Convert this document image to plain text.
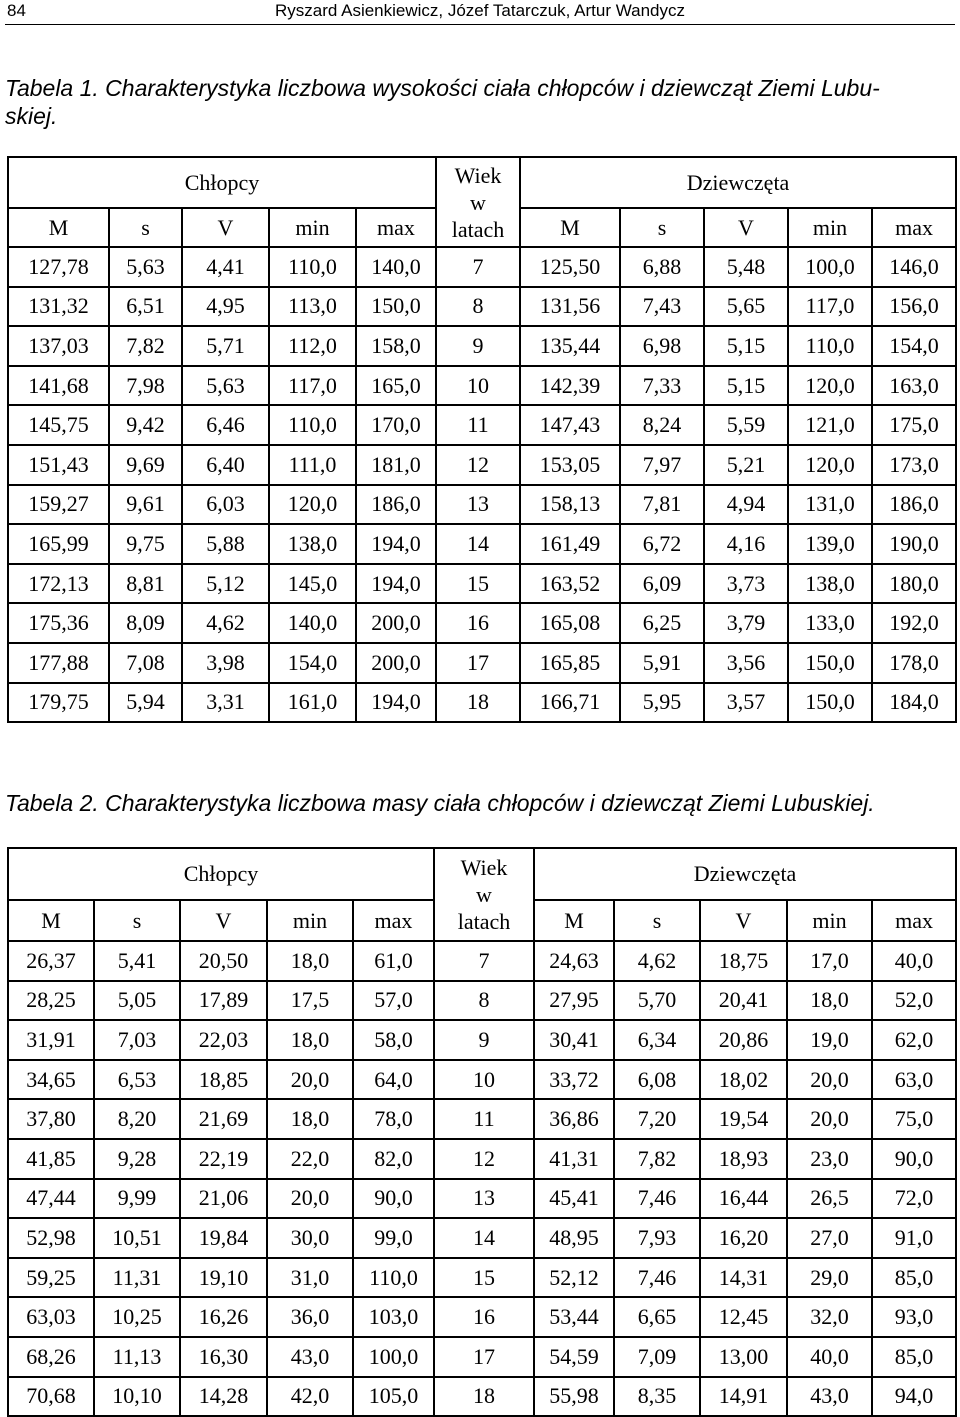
84	Ryszard Asienkiewicz, Józef Tatarczuk, Artur Wandycz
Tabela 1. Charakterystyka liczbowa wysokości ciała chłopców i dziewcząt Ziemi Lubu-
skiej.
Chłopcy					Wiek
w
latach	Dziewczęta				
M	s	V	min	max		M	s	V	min	max
127,78	5,63	4,41	110,0	140,0	7	125,50	6,88	5,48	100,0	146,0
131,32	6,51	4,95	113,0	150,0	8	131,56	7,43	5,65	117,0	156,0
137,03	7,82	5,71	112,0	158,0	9	135,44	6,98	5,15	110,0	154,0
141,68	7,98	5,63	117,0	165,0	10	142,39	7,33	5,15	120,0	163,0
145,75	9,42	6,46	110,0	170,0	11	147,43	8,24	5,59	121,0	175,0
151,43	9,69	6,40	111,0	181,0	12	153,05	7,97	5,21	120,0	173,0
159,27	9,61	6,03	120,0	186,0	13	158,13	7,81	4,94	131,0	186,0
165,99	9,75	5,88	138,0	194,0	14	161,49	6,72	4,16	139,0	190,0
172,13	8,81	5,12	145,0	194,0	15	163,52	6,09	3,73	138,0	180,0
175,36	8,09	4,62	140,0	200,0	16	165,08	6,25	3,79	133,0	192,0
177,88	7,08	3,98	154,0	200,0	17	165,85	5,91	3,56	150,0	178,0
179,75	5,94	3,31	161,0	194,0	18	166,71	5,95	3,57	150,0	184,0
Tabela 2. Charakterystyka liczbowa masy ciała chłopców i dziewcząt Ziemi Lubuskiej.
Chłopcy					Wiek
w
latach	Dziewczęta				
M	s	V	min	max		M	s	V	min	max
26,37	5,41	20,50	18,0	61,0	7	24,63	4,62	18,75	17,0	40,0
28,25	5,05	17,89	17,5	57,0	8	27,95	5,70	20,41	18,0	52,0
31,91	7,03	22,03	18,0	58,0	9	30,41	6,34	20,86	19,0	62,0
34,65	6,53	18,85	20,0	64,0	10	33,72	6,08	18,02	20,0	63,0
37,80	8,20	21,69	18,0	78,0	11	36,86	7,20	19,54	20,0	75,0
41,85	9,28	22,19	22,0	82,0	12	41,31	7,82	18,93	23,0	90,0
47,44	9,99	21,06	20,0	90,0	13	45,41	7,46	16,44	26,5	72,0
52,98	10,51	19,84	30,0	99,0	14	48,95	7,93	16,20	27,0	91,0
59,25	11,31	19,10	31,0	110,0	15	52,12	7,46	14,31	29,0	85,0
63,03	10,25	16,26	36,0	103,0	16	53,44	6,65	12,45	32,0	93,0
68,26	11,13	16,30	43,0	100,0	17	54,59	7,09	13,00	40,0	85,0
70,68	10,10	14,28	42,0	105,0	18	55,98	8,35	14,91	43,0	94,0
